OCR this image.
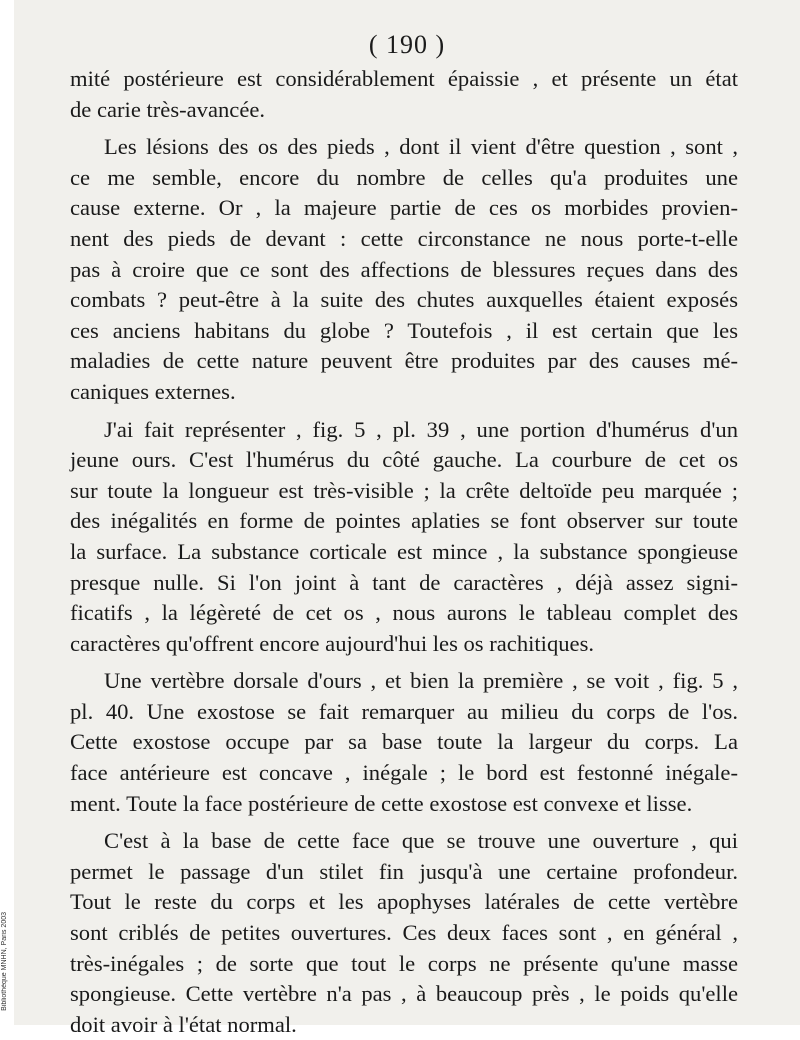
( 190 )
mité postérieure est considérablement épaissie , et présente un état
de carie très-avancée.
Les lésions des os des pieds , dont il vient d'être question , sont ,
ce me semble, encore du nombre de celles qu'a produites une
cause externe. Or , la majeure partie de ces os morbides provien-
nent des pieds de devant : cette circonstance ne nous porte-t-elle
pas à croire que ce sont des affections de blessures reçues dans des
combats ? peut-être à la suite des chutes auxquelles étaient exposés
ces anciens habitans du globe ? Toutefois , il est certain que les
maladies de cette nature peuvent être produites par des causes mé-
caniques externes.
J'ai fait représenter , fig. 5 , pl. 39 , une portion d'humérus d'un
jeune ours. C'est l'humérus du côté gauche. La courbure de cet os
sur toute la longueur est très-visible ; la crête deltoïde peu marquée ;
des inégalités en forme de pointes aplaties se font observer sur toute
la surface. La substance corticale est mince , la substance spongieuse
presque nulle. Si l'on joint à tant de caractères , déjà assez signi-
ficatifs , la légèreté de cet os , nous aurons le tableau complet des
caractères qu'offrent encore aujourd'hui les os rachitiques.
Une vertèbre dorsale d'ours , et bien la première , se voit , fig. 5 ,
pl. 40. Une exostose se fait remarquer au milieu du corps de l'os.
Cette exostose occupe par sa base toute la largeur du corps. La
face antérieure est concave , inégale ; le bord est festonné inégale-
ment. Toute la face postérieure de cette exostose est convexe et lisse.
C'est à la base de cette face que se trouve une ouverture , qui
permet le passage d'un stilet fin jusqu'à une certaine profondeur.
Tout le reste du corps et les apophyses latérales de cette vertèbre
sont criblés de petites ouvertures. Ces deux faces sont , en général ,
très-inégales ; de sorte que tout le corps ne présente qu'une masse
spongieuse. Cette vertèbre n'a pas , à beaucoup près , le poids qu'elle
doit avoir à l'état normal.
Bibliothèque MNHN, Paris 2003
